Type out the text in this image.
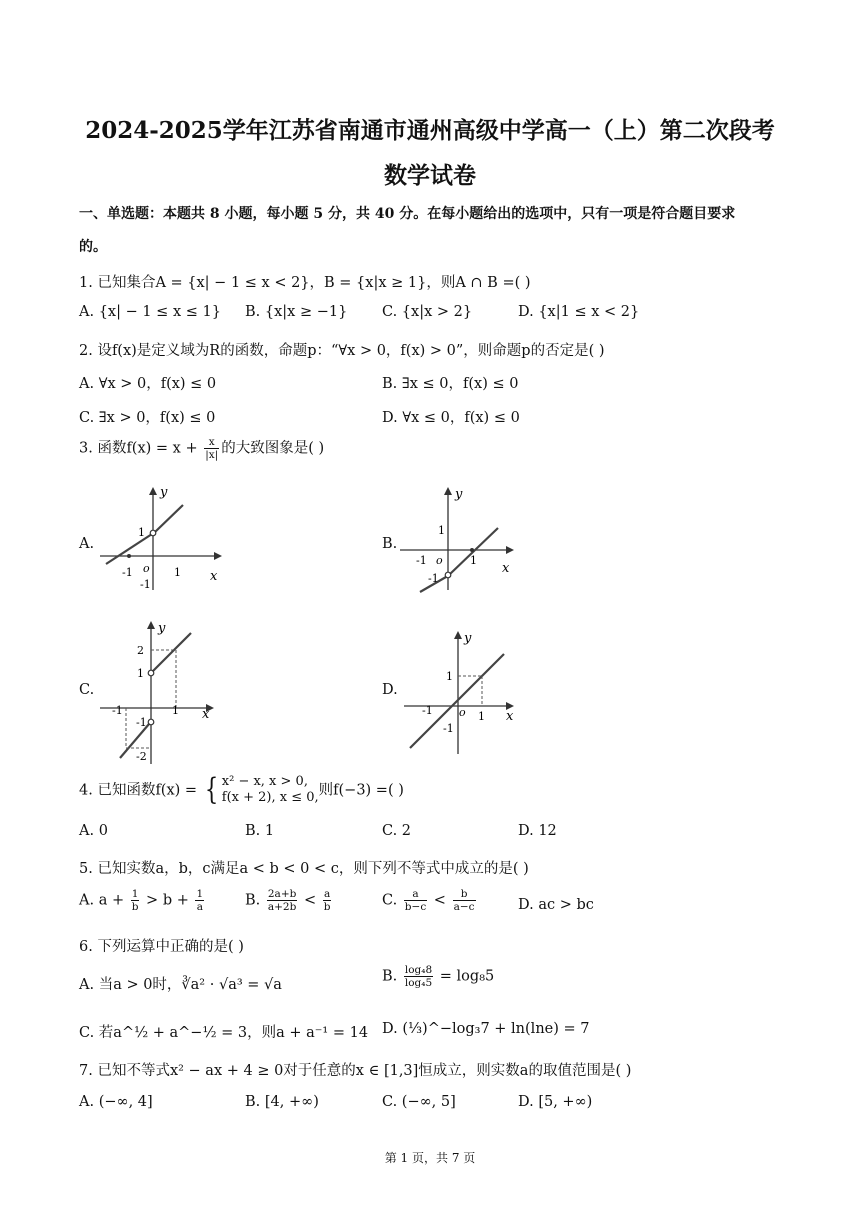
2024-2025学年江苏省南通市通州高级中学高一（上）第二次段考
数学试卷
一、单选题：本题共 8 小题，每小题 5 分，共 40 分。在每小题给出的选项中，只有一项是符合题目要求
的。
1. 已知集合A = {x| − 1 ≤ x < 2}，B = {x|x ≥ 1}，则A ∩ B =( )
A. {x| − 1 ≤ x ≤ 1} B. {x|x ≥ −1} C. {x|x > 2}	D. {x|1 ≤ x < 2}
2. 设f(x)是定义域为R的函数，命题p：“∀x > 0，f(x) > 0”，则命题p的否定是( )
A. ∀x > 0，f(x) ≤ 0	B. ∃x ≤ 0，f(x) ≤ 0
C. ∃x > 0，f(x) ≤ 0	D. ∀x ≤ 0，f(x) ≤ 0
3. 函数$f(x) = x + \frac{x}{|x|}$ 的大致图象是( )
A.	B.
C.	D.
y
x
o
-1	1
1
-1
y
x
o
-1	1
1
-1
y
x
-1	1
2
1
-1
-2
y
x
o
-1	1
1
-1
4. 已知函数f(x) = { x² − x, x > 0,
f(x + 2), x ≤ 0, 则f(−3) =( )
A. 0	B. 1	C. 2	D. 12
5. 已知实数a，b，c满足a < b < 0 < c，则下列不等式中成立的是( )
A. $a + \frac{1}{b} > b + \frac{1}{a}$	B. $\frac{2a+b}{a+2b} < \frac{a}{b}$	C. $\frac{a}{b-c} < \frac{b}{a-c}$	D. ac > bc
6. 下列运算中正确的是( )
A. 当a > 0时，∛a² · √a³ = √a
B. $\frac{\text{log₄8}}{\text{log₄5}} = \log_85$
C. 若a^½ + a^−½ = 3，则a + a⁻¹ = 14 D. (⅓)^−log₃7 + ln(lne) = 7
7. 已知不等式x² − ax + 4 ≥ 0对于任意的x ∈ [1,3]恒成立，则实数a的取值范围是( )
A. (−∞, 4]	B. [4, +∞)	C. (−∞, 5]	D. [5, +∞)
第 1 页，共 7 页
